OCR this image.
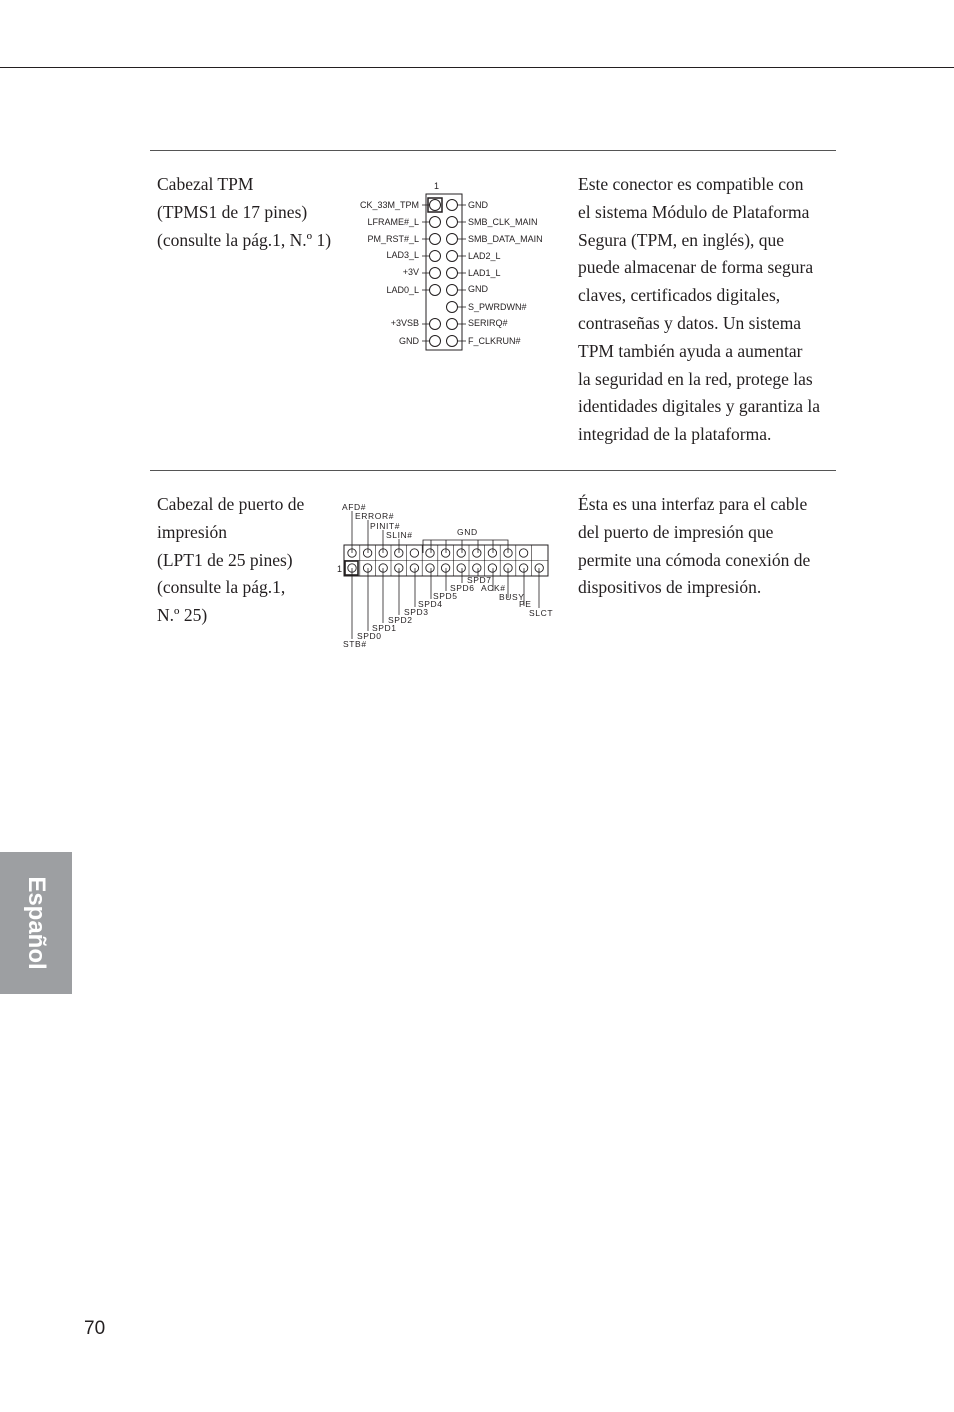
Cabezal TPM
(TPMS1 de 17 pines)
(consulte la pág.1, N.º 1)
1
CK_33M_TPM
LFRAME#_L
PM_RST#_L
LAD3_L
+3V
LAD0_L
+3VSB
GND
GND
SMB_CLK_MAIN
SMB_DATA_MAIN
LAD2_L
LAD1_L
GND
S_PWRDWN#
SERIRQ#
F_CLKRUN#
Este conector es compatible con
el sistema Módulo de Plataforma
Segura (TPM, en inglés), que
puede almacenar de forma segura
claves, certificados digitales,
contraseñas y datos. Un sistema
TPM también ayuda a aumentar
la seguridad en la red, protege las
identidades digitales y garantiza la
integridad de la plataforma.
Cabezal de puerto de
impresión
(LPT1 de 25 pines)
(consulte la pág.1,
N.º 25)
1
AFD#
ERROR#
PINIT#
SLIN#	GND
SPD7
SPD6 ACK#
SPD5	BUSY
SPD4	PE
SPD3	SLCT
SPD2
SPD1
SPD0
STB#
Ésta es una interfaz para el cable
del puerto de impresión que
permite una cómoda conexión de
dispositivos de impresión.
Español
70
